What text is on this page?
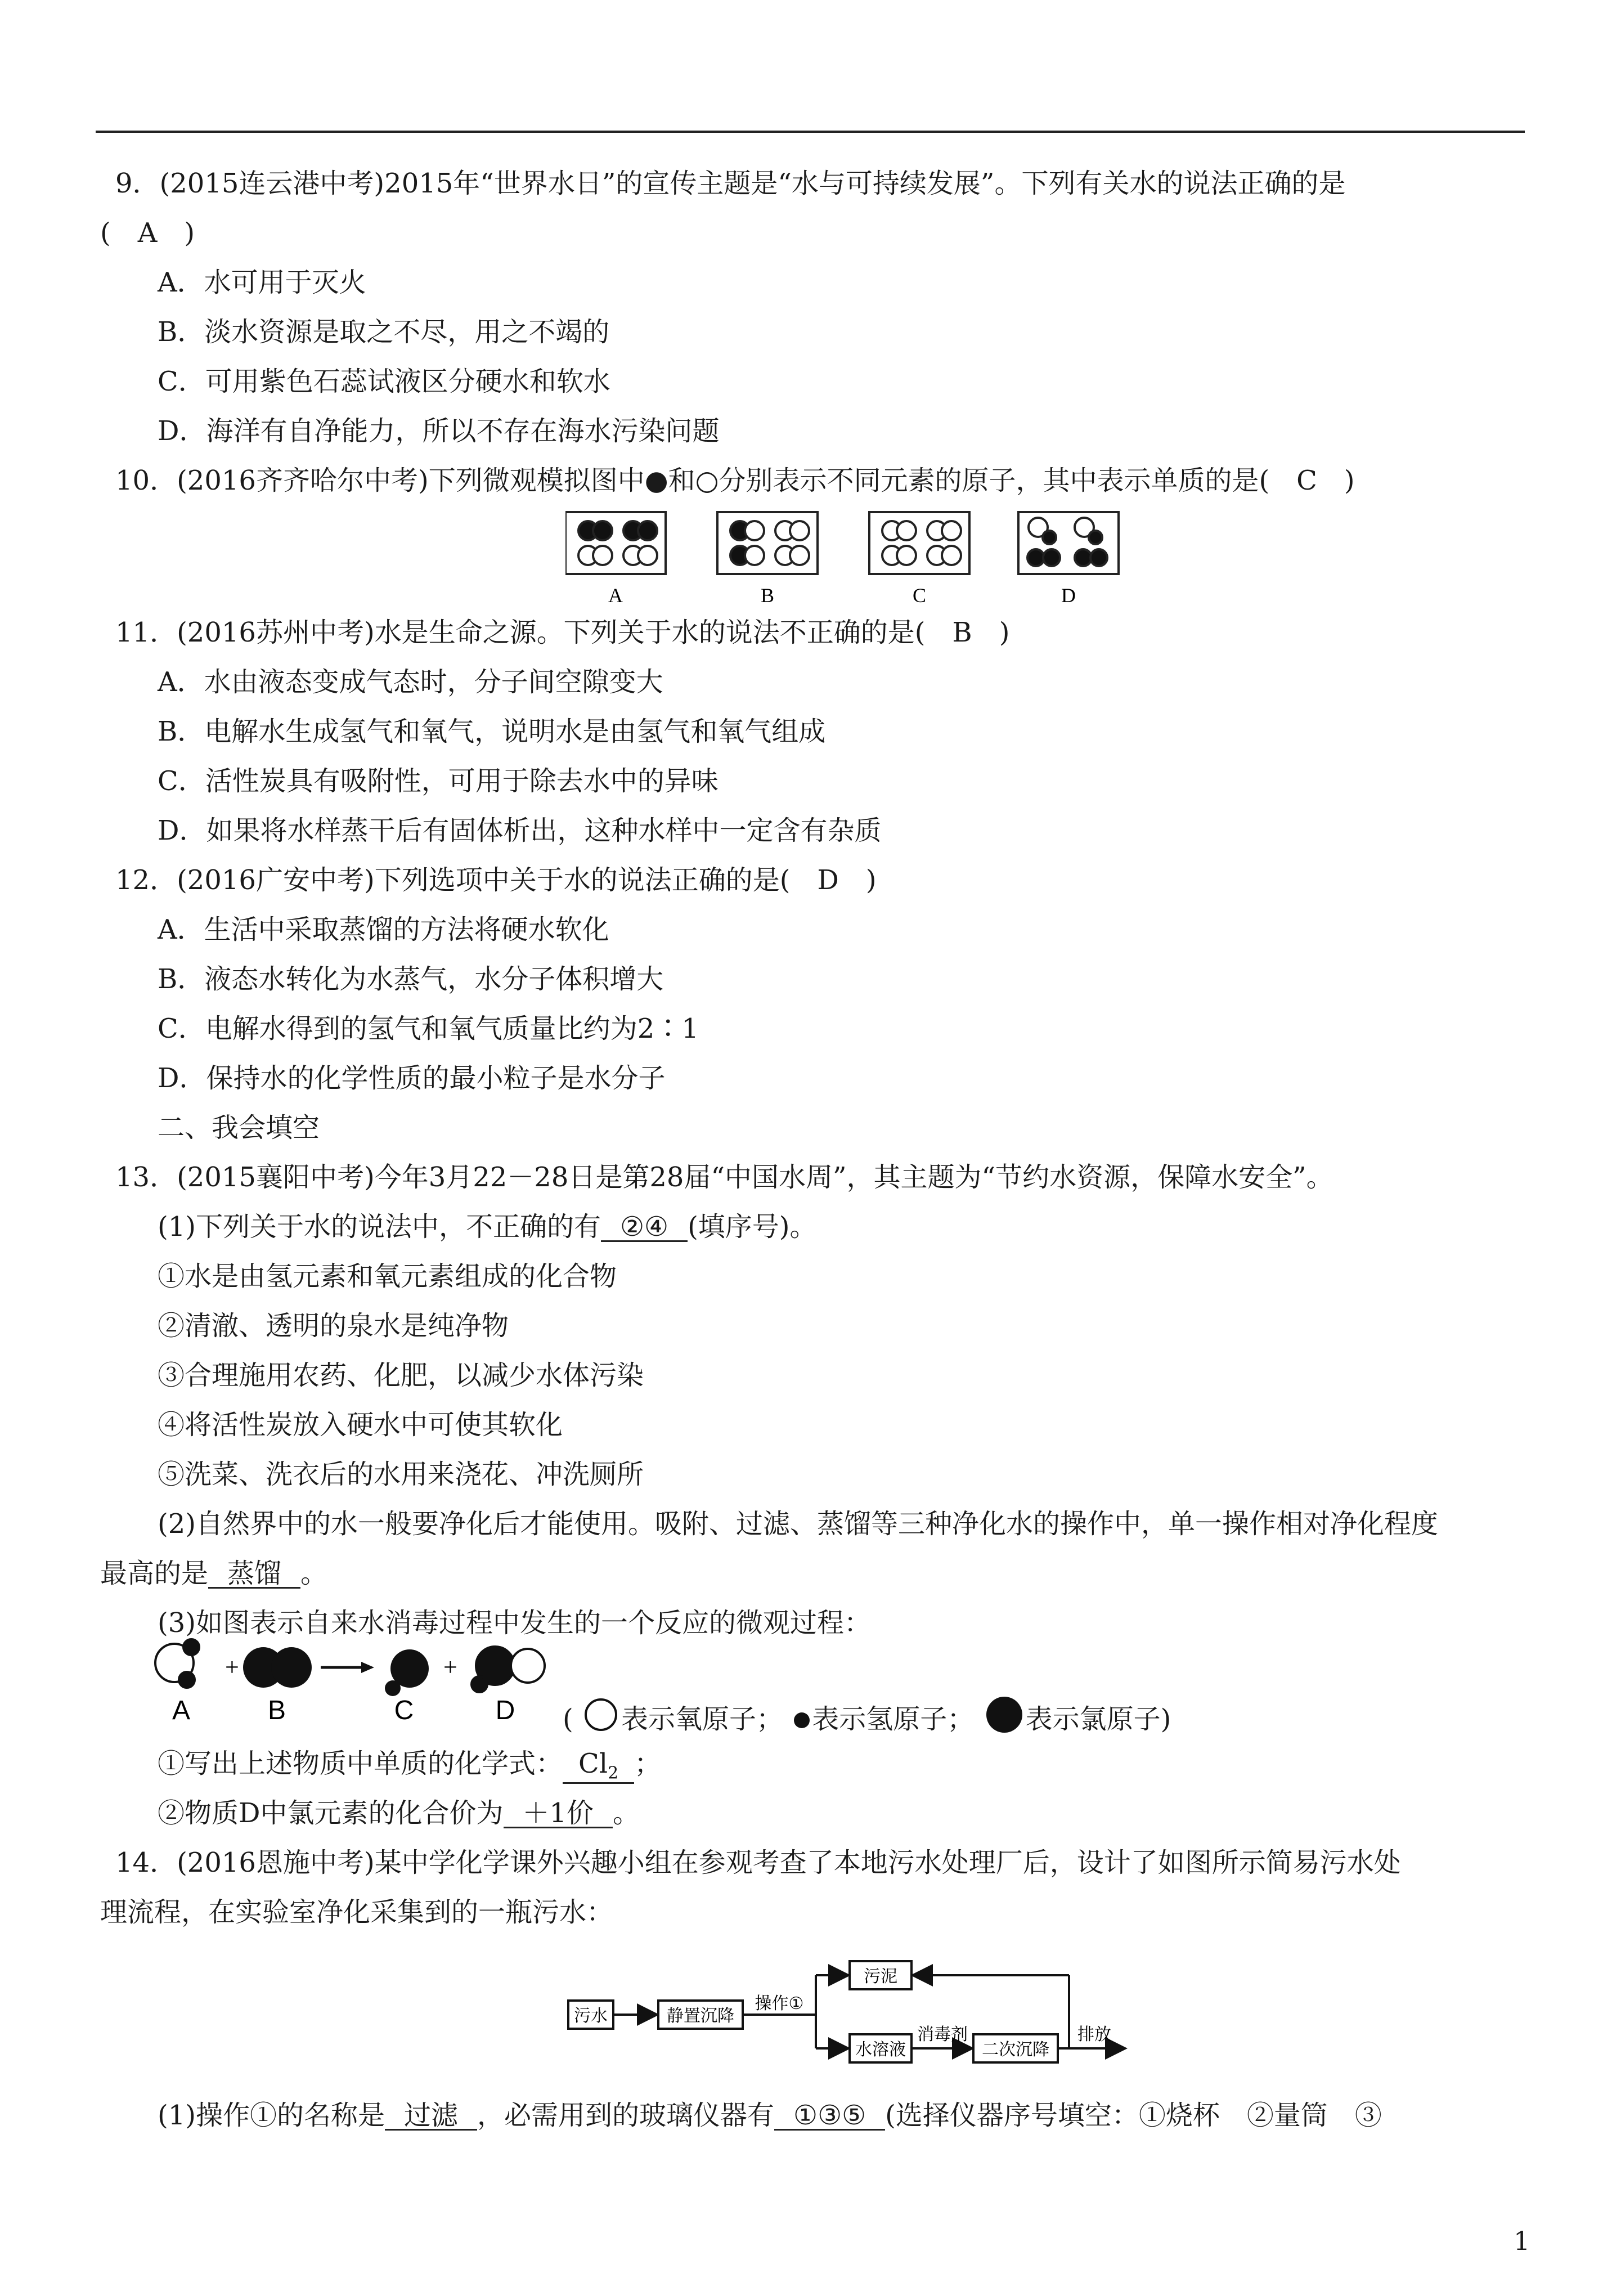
9．(2015连云港中考)2015年“世界水日”的宣传主题是“水与可持续发展”。下列有关水的说法正确的是
(　A　)
A．水可用于灭火
B．淡水资源是取之不尽，用之不竭的
C．可用紫色石蕊试液区分硬水和软水
D．海洋有自净能力，所以不存在海水污染问题
10．(2016齐齐哈尔中考)下列微观模拟图中●和○分别表示不同元素的原子，其中表示单质的是(　C　)
A	B	C	D
11．(2016苏州中考)水是生命之源。下列关于水的说法不正确的是(　B　)
A．水由液态变成气态时，分子间空隙变大
B．电解水生成氢气和氧气，说明水是由氢气和氧气组成
C．活性炭具有吸附性，可用于除去水中的异味
D．如果将水样蒸干后有固体析出，这种水样中一定含有杂质
12．(2016广安中考)下列选项中关于水的说法正确的是(　D　)
A．生活中采取蒸馏的方法将硬水软化
B．液态水转化为水蒸气，水分子体积增大
C．电解水得到的氢气和氧气质量比约为2∶1
D．保持水的化学性质的最小粒子是水分子
二、我会填空
13．(2015襄阳中考)今年3月22－28日是第28届“中国水周”，其主题为“节约水资源，保障水安全”。
(1)下列关于水的说法中，不正确的有 ②④ (填序号)。
①水是由氢元素和氧元素组成的化合物
②清澈、透明的泉水是纯净物
③合理施用农药、化肥，以减少水体污染
④将活性炭放入硬水中可使其软化
⑤洗菜、洗衣后的水用来浇花、冲洗厕所
(2)自然界中的水一般要净化后才能使用。吸附、过滤、蒸馏等三种净化水的操作中，单一操作相对净化程度
最高的是 蒸馏 。
(3)如图表示自来水消毒过程中发生的一个反应的微观过程：
+	+
A	B	C	D ( 表示氧原子； 表示氢原子； 表示氯原子)
①写出上述物质中单质的化学式： $Cl_2$ ；
②物质D中氯元素的化合价为 ＋1价 。
14．(2016恩施中考)某中学化学课外兴趣小组在参观考查了本地污水处理厂后，设计了如图所示简易污水处
理流程，在实验室净化采集到的一瓶污水：
污水	静置沉降
操作①
污泥
水溶液
消毒剂
二次沉降
排放
(1)操作①的名称是 过滤 ，必需用到的玻璃仪器有 ①③⑤ (选择仪器序号填空：①烧杯　②量筒　③
1
